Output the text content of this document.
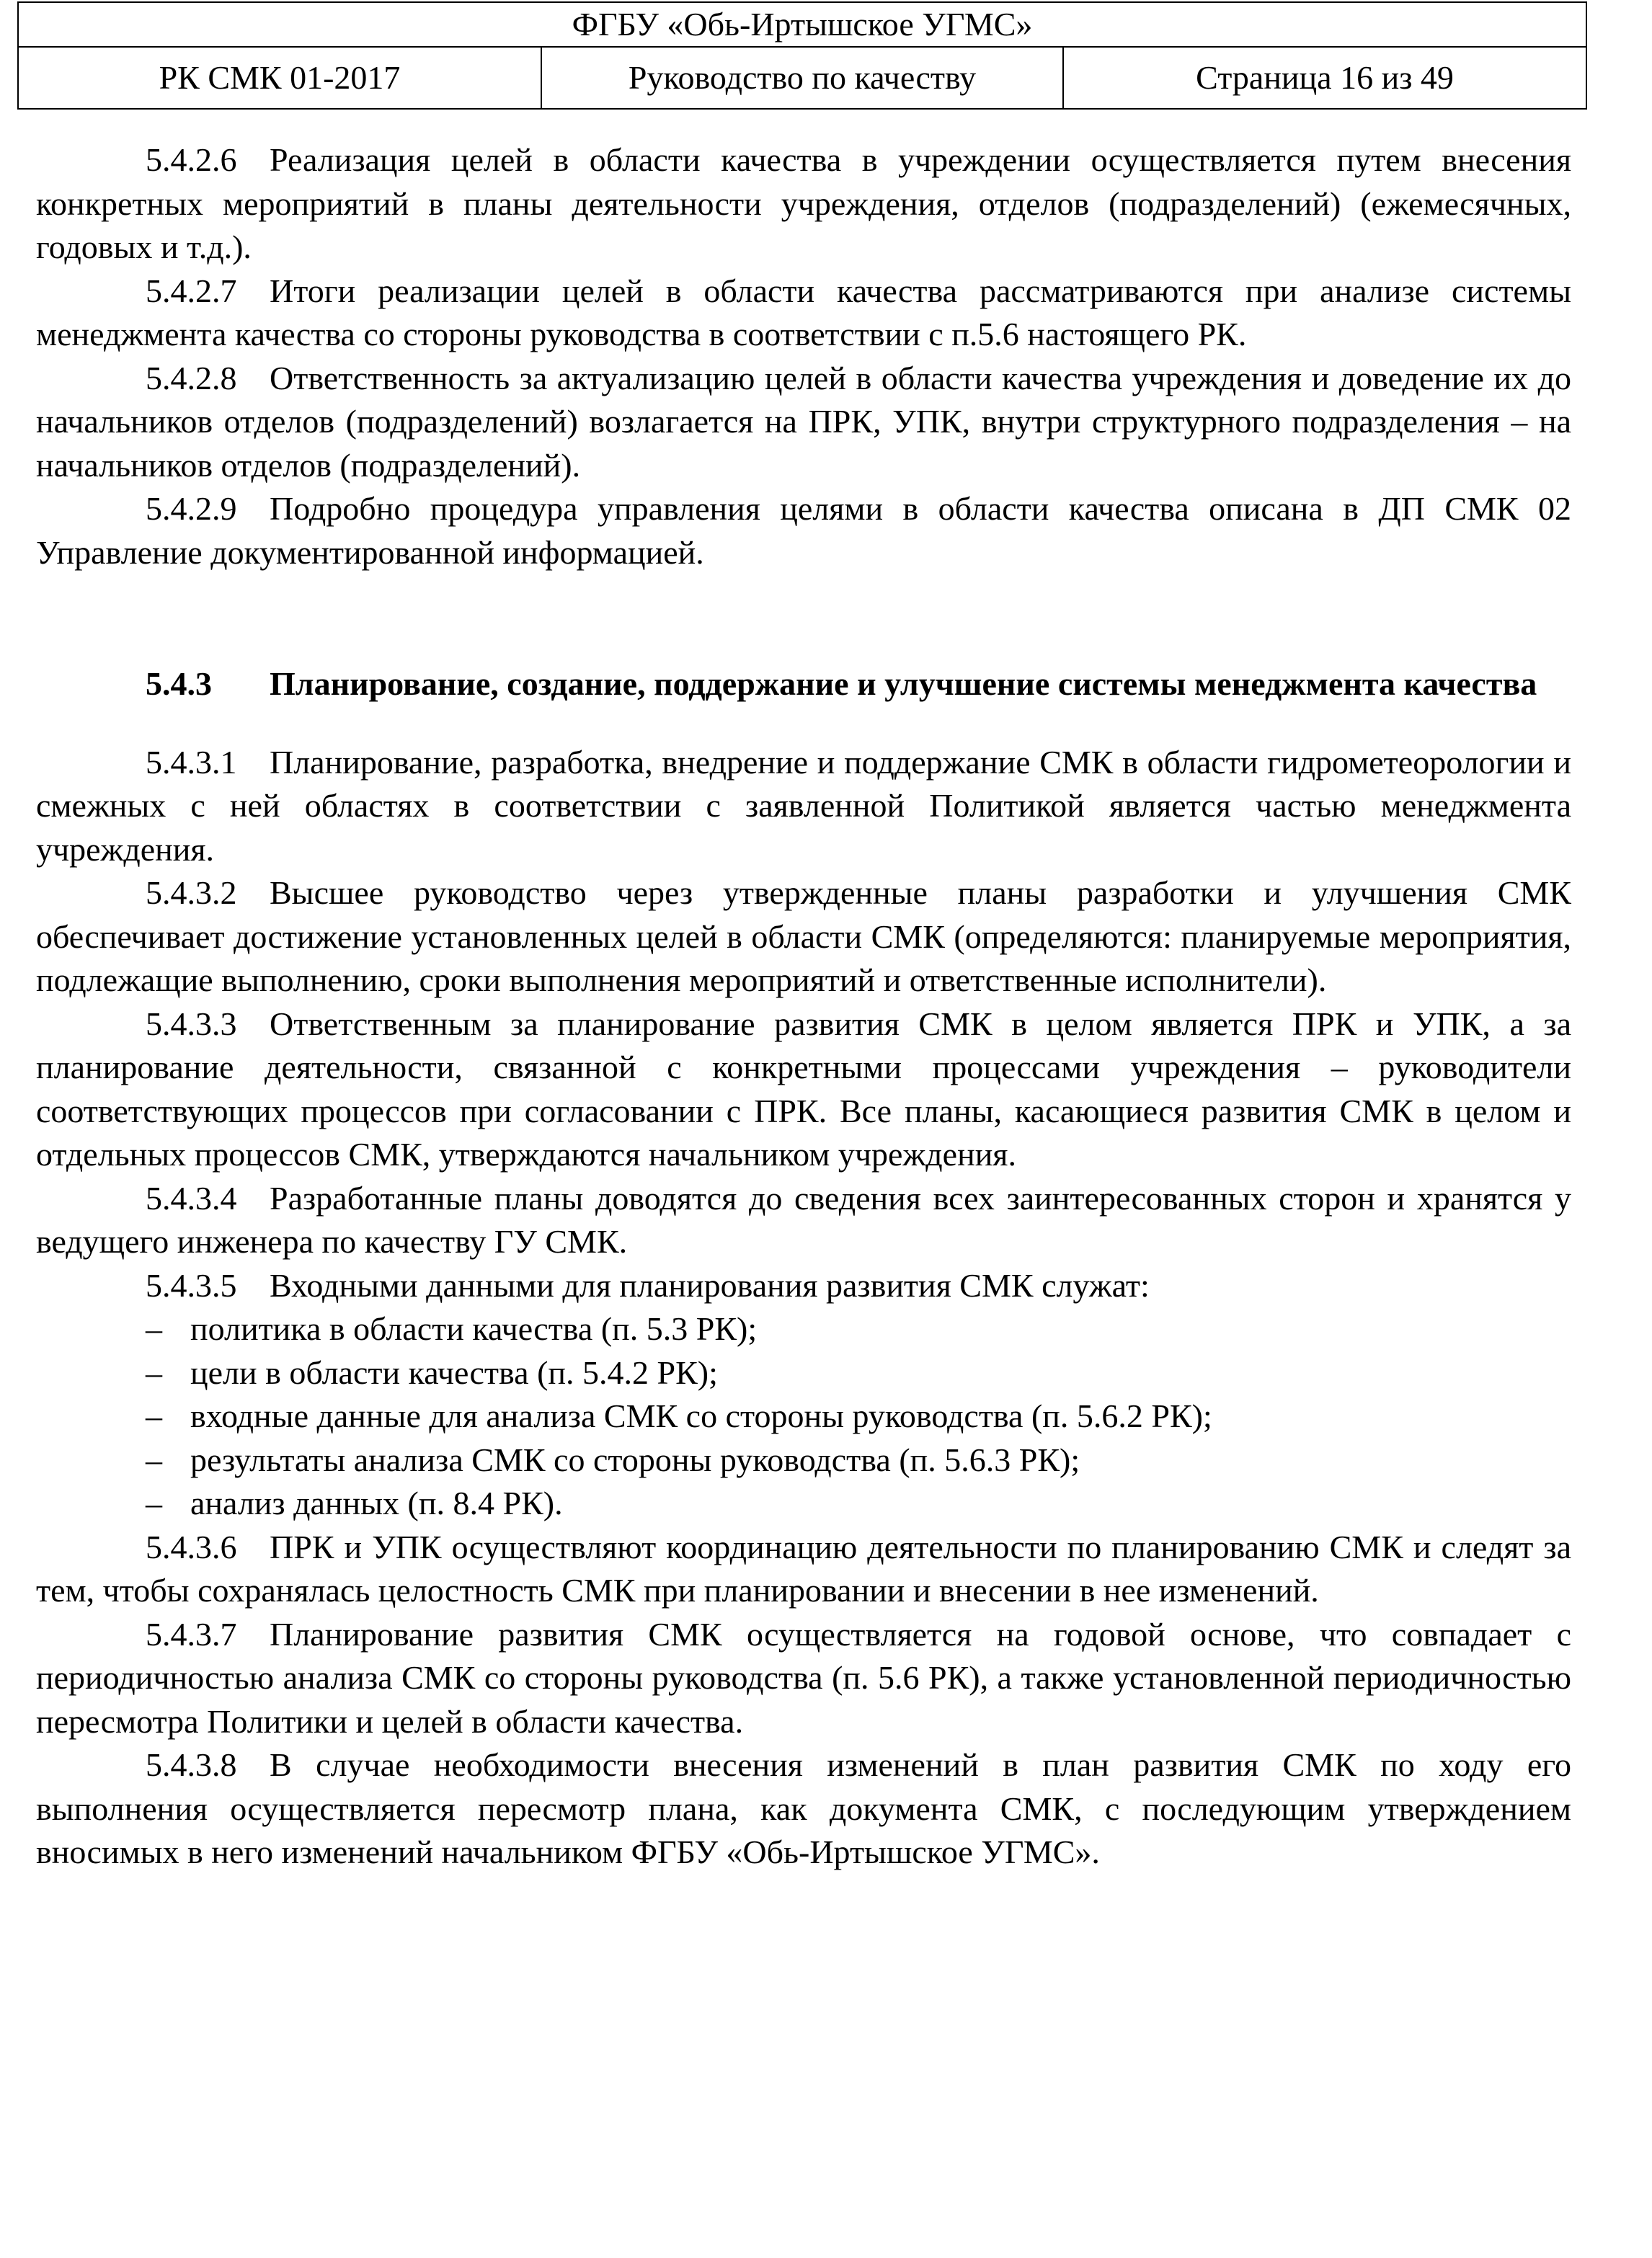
ФГБУ «Обь-Иртышское УГМС»
РК СМК 01-2017	Руководство по качеству	Страница 16 из 49

5.4.2.6 Реализация целей в области качества в учреждении осуществляется путем внесения конкретных мероприятий в планы деятельности учреждения, отделов (подразделений) (ежемесячных, годовых и т.д.).

5.4.2.7 Итоги реализации целей в области качества рассматриваются при анализе системы менеджмента качества со стороны руководства в соответствии с п.5.6 настоящего РК.

5.4.2.8 Ответственность за актуализацию целей в области качества учреждения и доведение их до начальников отделов (подразделений) возлагается на ПРК, УПК, внутри структурного подразделения – на начальников отделов (подразделений).

5.4.2.9 Подробно процедура управления целями в области качества описана в ДП СМК 02 Управление документированной информацией.

5.4.3 Планирование, создание, поддержание и улучшение системы менеджмента качества

5.4.3.1 Планирование, разработка, внедрение и поддержание СМК в области гидрометеорологии и смежных с ней областях в соответствии с заявленной Политикой является частью менеджмента учреждения.

5.4.3.2 Высшее руководство через утвержденные планы разработки и улучшения СМК обеспечивает достижение установленных целей в области СМК (определяются: планируемые мероприятия, подлежащие выполнению, сроки выполнения мероприятий и ответственные исполнители).

5.4.3.3 Ответственным за планирование развития СМК в целом является ПРК и УПК, а за планирование деятельности, связанной с конкретными процессами учреждения – руководители соответствующих процессов при согласовании с ПРК. Все планы, касающиеся развития СМК в целом и отдельных процессов СМК, утверждаются начальником учреждения.

5.4.3.4 Разработанные планы доводятся до сведения всех заинтересованных сторон и хранятся у ведущего инженера по качеству ГУ СМК.

5.4.3.5 Входными данными для планирования развития СМК служат:

– политика в области качества (п. 5.3 РК);

– цели в области качества (п. 5.4.2 РК);

– входные данные для анализа СМК со стороны руководства (п. 5.6.2 РК);

– результаты анализа СМК со стороны руководства (п. 5.6.3 РК);

– анализ данных (п. 8.4 РК).

5.4.3.6 ПРК и УПК осуществляют координацию деятельности по планированию СМК и следят за тем, чтобы сохранялась целостность СМК при планировании и внесении в нее изменений.

5.4.3.7 Планирование развития СМК осуществляется на годовой основе, что совпадает с периодичностью анализа СМК со стороны руководства (п. 5.6 РК), а также установленной периодичностью пересмотра Политики и целей в области качества.

5.4.3.8 В случае необходимости внесения изменений в план развития СМК по ходу его выполнения осуществляется пересмотр плана, как документа СМК, с последующим утверждением вносимых в него изменений начальником ФГБУ «Обь-Иртышское УГМС».
